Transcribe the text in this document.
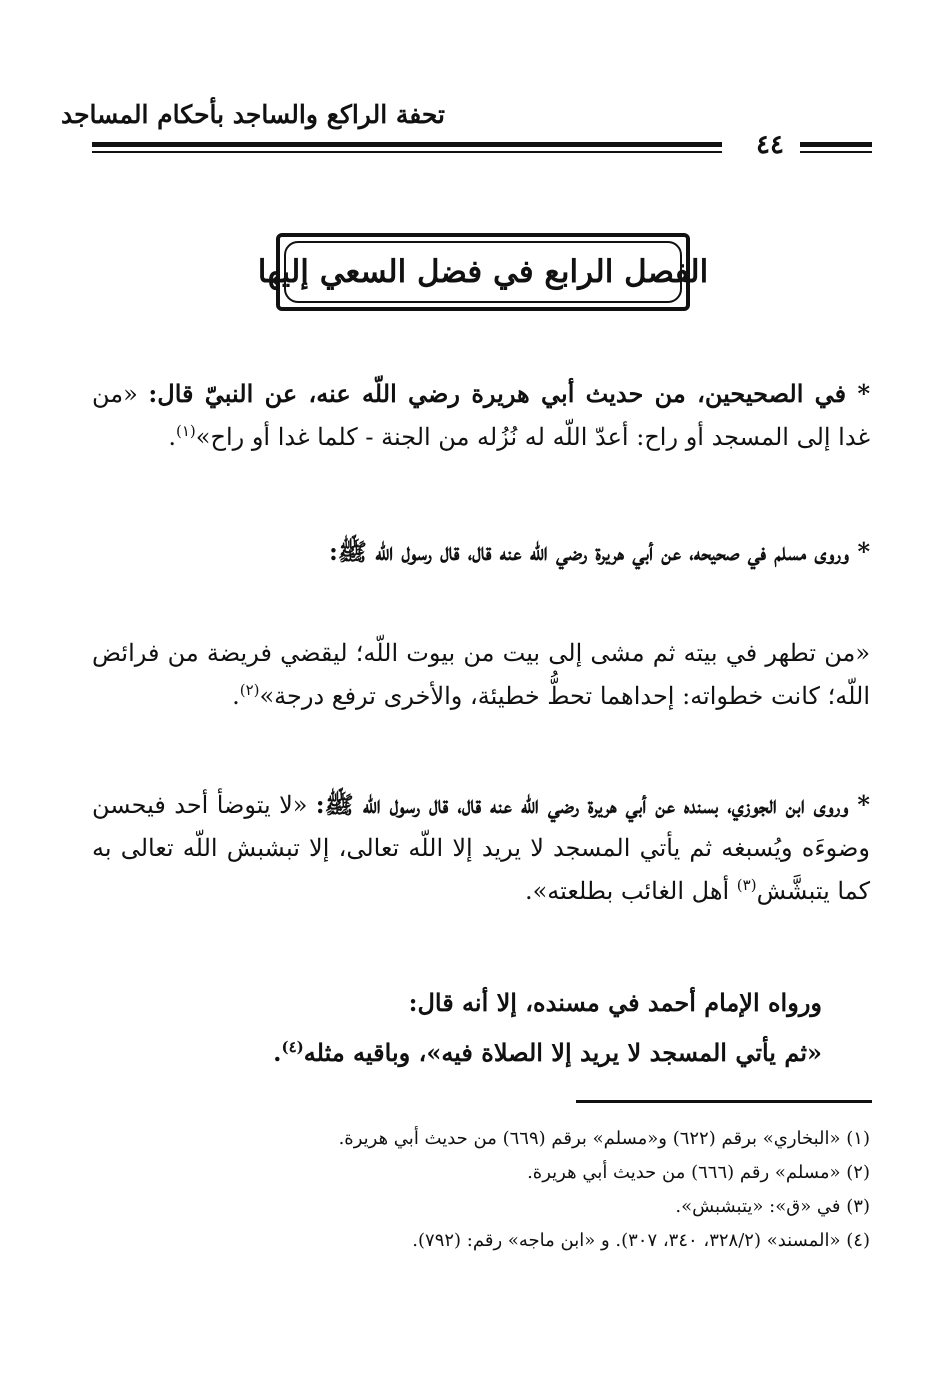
تحفة الراكع والساجد بأحكام المساجد
٤٤
الفصل الرابع في فضل السعي إليها
* في الصحيحين، من حديث أبي هريرة رضي اللّه عنه، عن النبيّ قال: «من غدا إلى المسجد أو راح: أعدّ اللّه له نُزُله من الجنة - كلما غدا أو راح»$^{(١)}$.
* وروى مسلم في صحيحه، عن أبي هريرة رضي اللّه عنه قال، قال رسول اللّه ﷺ:
«من تطهر في بيته ثم مشى إلى بيت من بيوت اللّه؛ ليقضي فريضة من فرائض اللّه؛ كانت خطواته: إحداهما تحطُّ خطيئة، والأخرى ترفع درجة»$^{(٢)}$.
* وروى ابن الجوزي، بسنده عن أبي هريرة رضي اللّه عنه قال، قال رسول اللّه ﷺ: «لا يتوضأ أحد فيحسن وضوءَه ويُسبغه ثم يأتي المسجد لا يريد إلا اللّه تعالى، إلا تبشبش اللّه تعالى به كما يتبشَّش$^{(٣)}$ أهل الغائب بطلعته».
ورواه الإمام أحمد في مسنده، إلا أنه قال:
«ثم يأتي المسجد لا يريد إلا الصلاة فيه»، وباقيه مثله$^{(٤)}$.
(١) «البخاري» برقم (٦٢٢) و«مسلم» برقم (٦٦٩) من حديث أبي هريرة.
(٢) «مسلم» رقم (٦٦٦) من حديث أبي هريرة.
(٣) في «ق»: «يتبشبش».
(٤) «المسند» (٣٢٨/٢، ٣٤٠، ٣٠٧). و «ابن ماجه» رقم: (٧٩٢).
